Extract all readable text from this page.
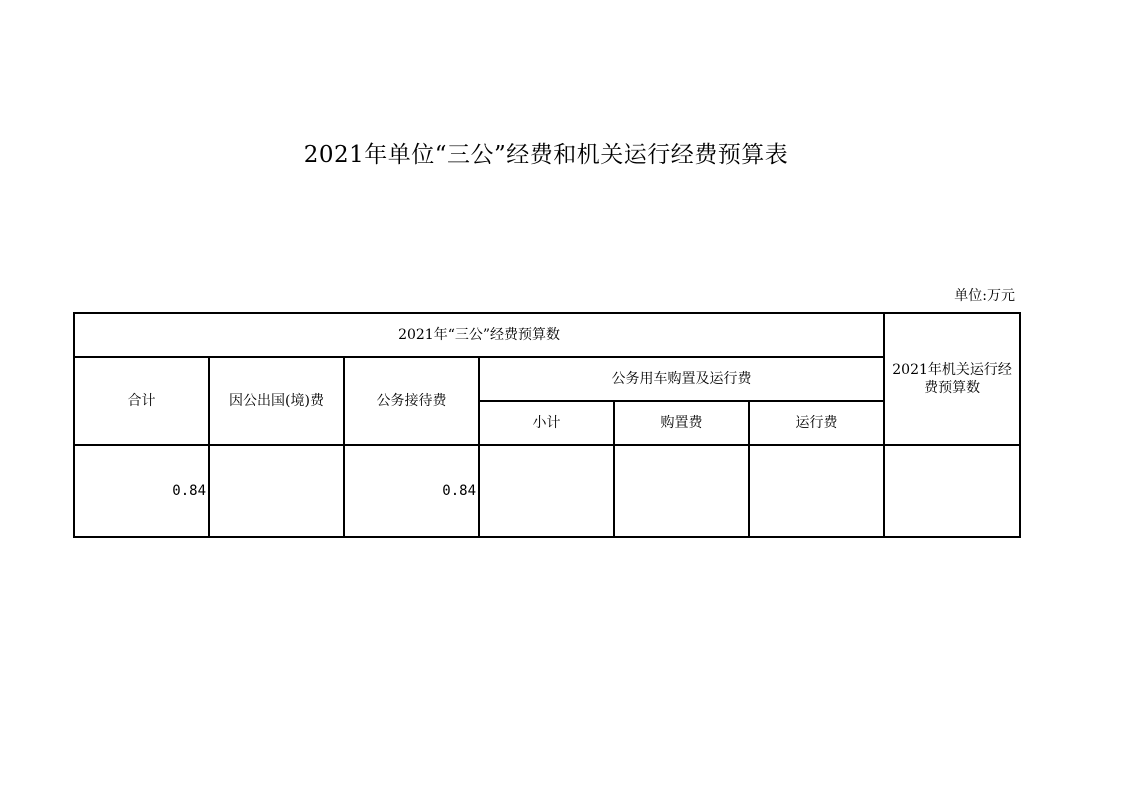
2021年单位“三公”经费和机关运行经费预算表
单位:万元
2021年“三公”经费预算数						2021年机关运行经费预算数
合计	因公出国(境)费	公务接待费	公务用车购置及运行费			
			小计	购置费	运行费	
0.84		0.84				
